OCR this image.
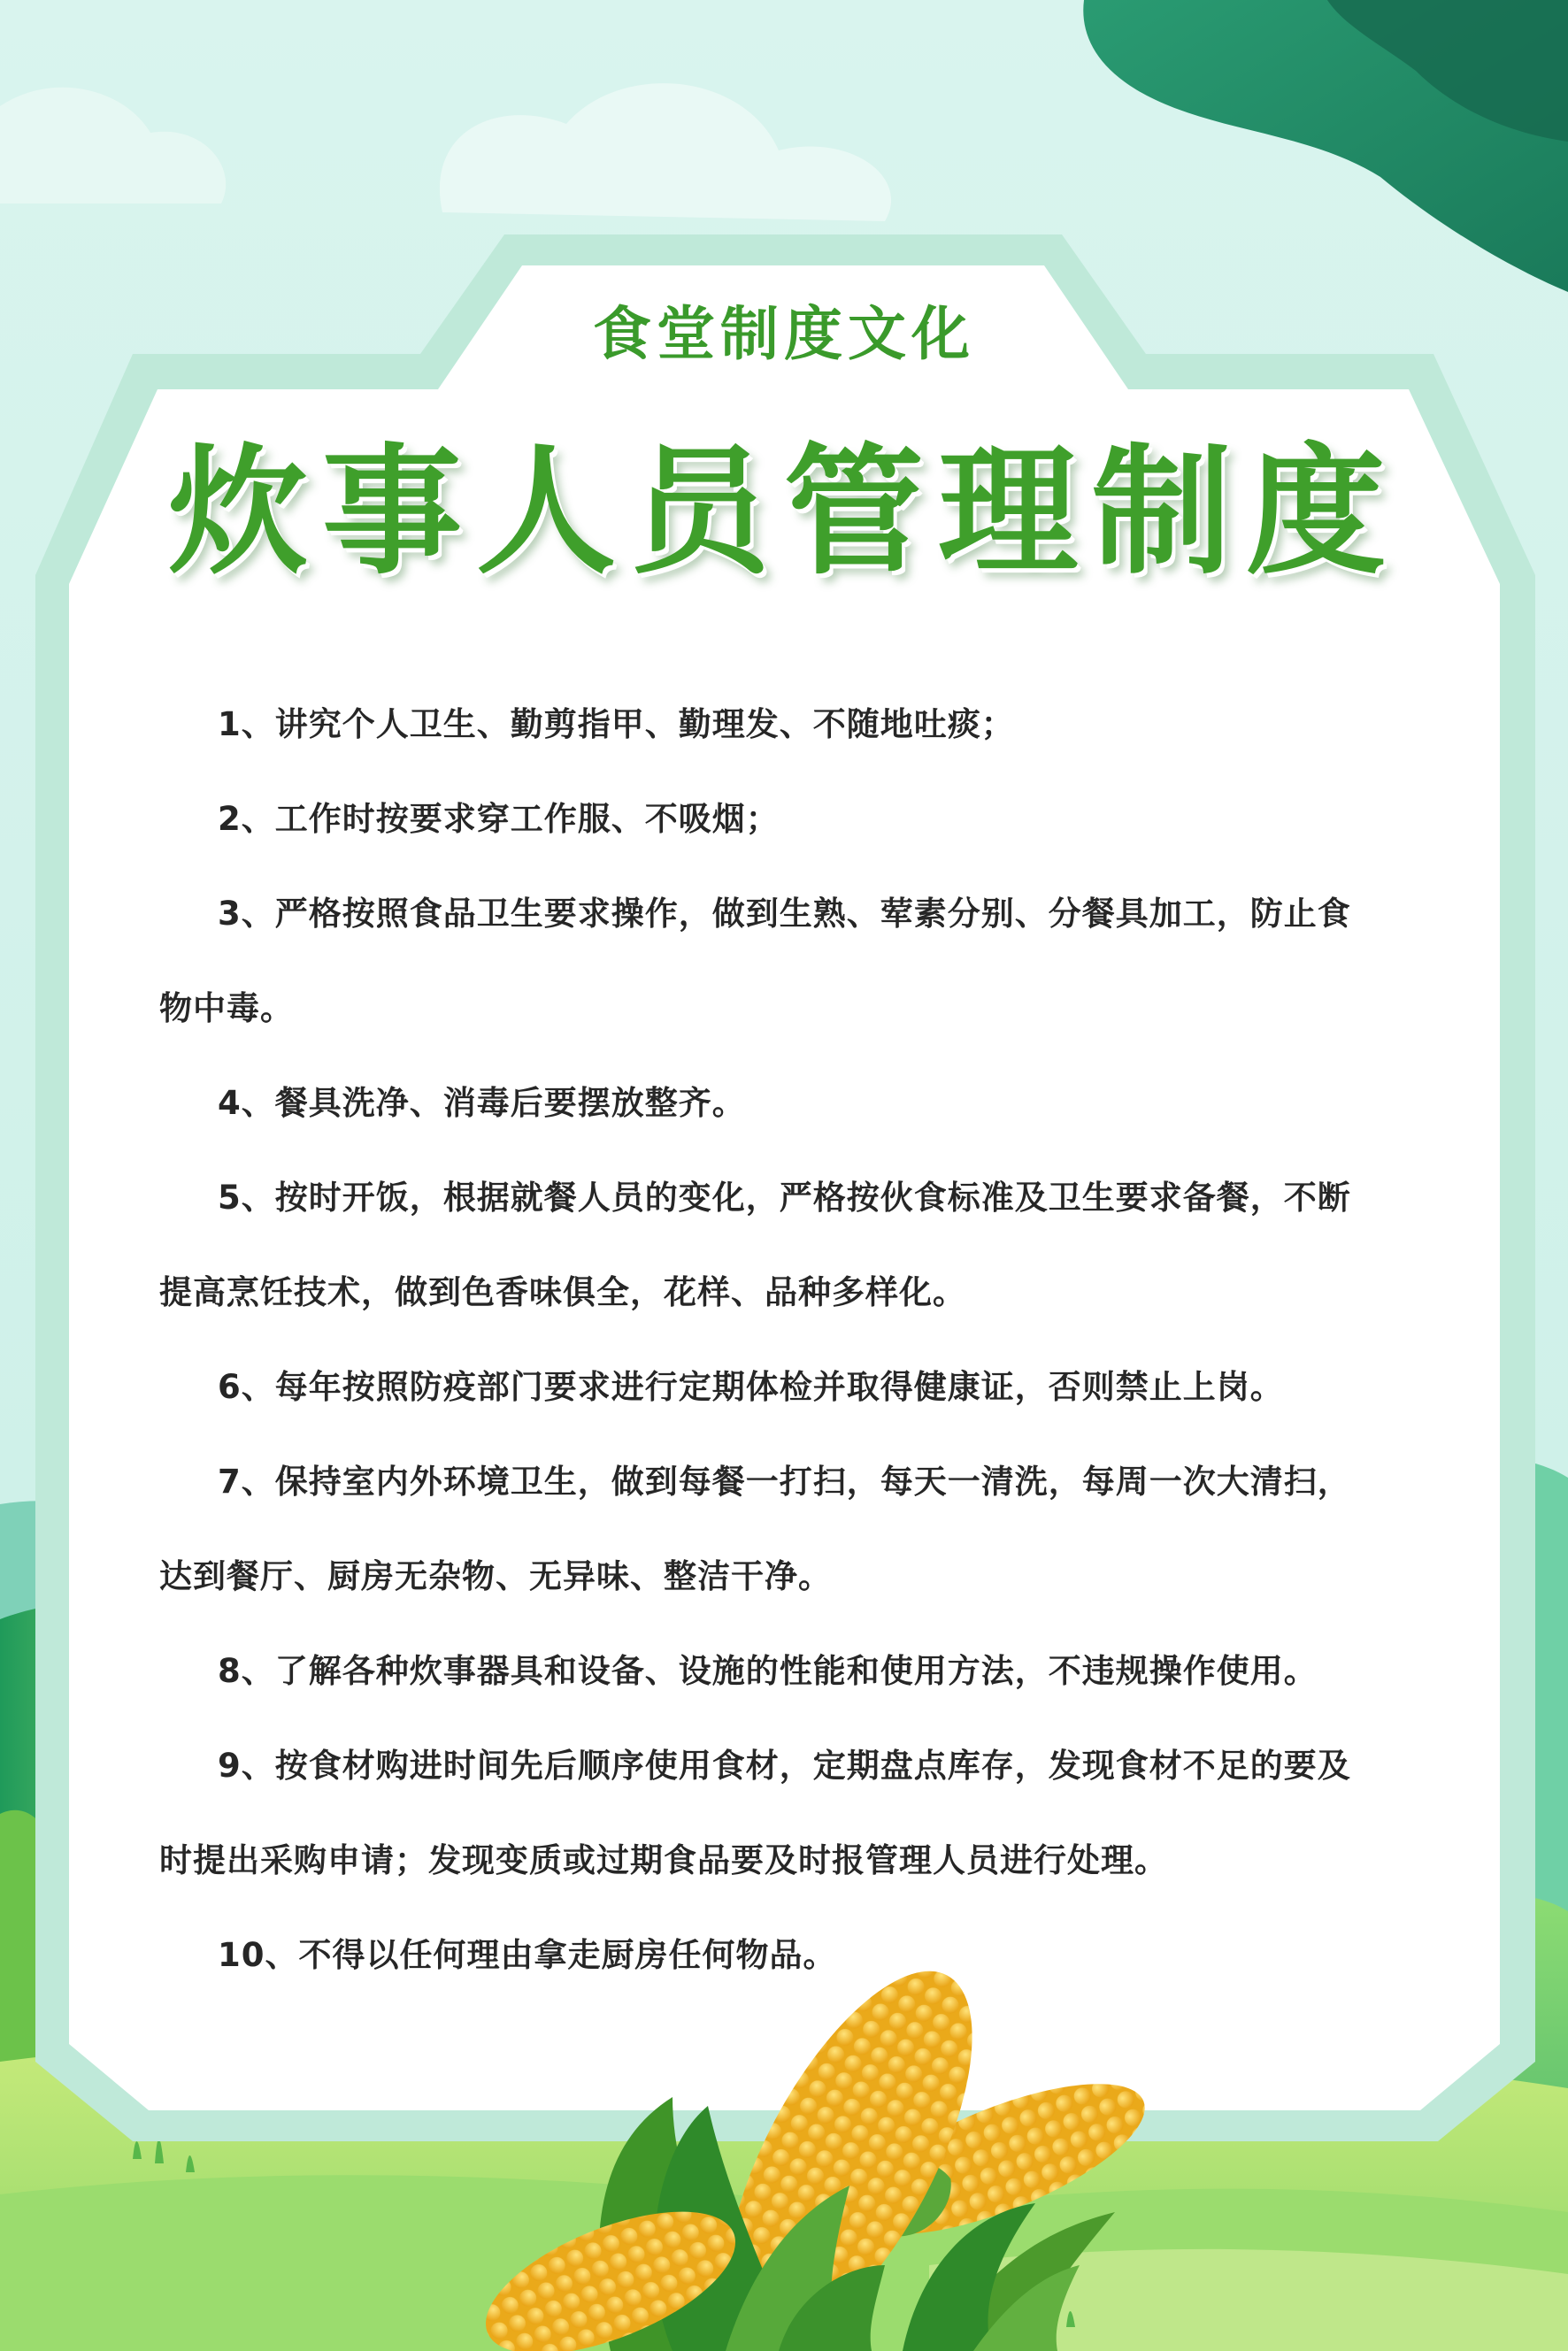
食堂制度文化
炊事人员管理制度

1、讲究个人卫生、勤剪指甲、勤理发、不随地吐痰；

2、工作时按要求穿工作服、不吸烟；

3、严格按照食品卫生要求操作，做到生熟、荤素分别、分餐具加工，防止食物中毒。

4、餐具洗净、消毒后要摆放整齐。

5、按时开饭，根据就餐人员的变化，严格按伙食标准及卫生要求备餐，不断提高烹饪技术，做到色香味俱全，花样、品种多样化。

6、每年按照防疫部门要求进行定期体检并取得健康证，否则禁止上岗。

7、保持室内外环境卫生，做到每餐一打扫，每天一清洗，每周一次大清扫，达到餐厅、厨房无杂物、无异味、整洁干净。

8、了解各种炊事器具和设备、设施的性能和使用方法，不违规操作使用。

9、按食材购进时间先后顺序使用食材，定期盘点库存，发现食材不足的要及时提出采购申请；发现变质或过期食品要及时报管理人员进行处理。

10、不得以任何理由拿走厨房任何物品。
